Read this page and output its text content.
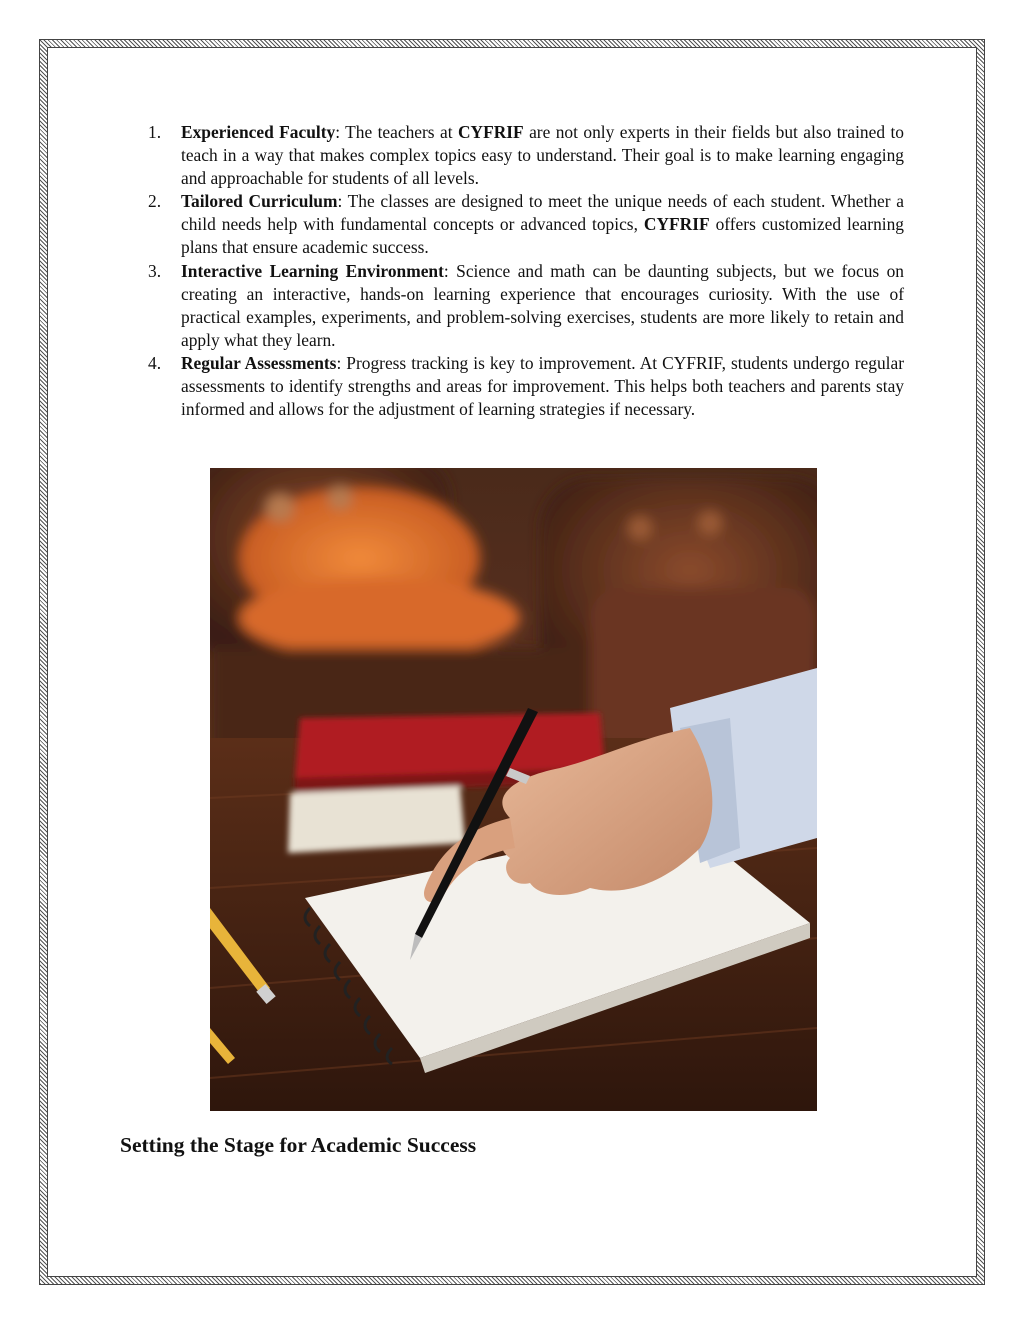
1.	Experienced Faculty: The teachers at CYFRIF are not only experts in their fields but also trained to teach in a way that makes complex topics easy to understand. Their goal is to make learning engaging and approachable for students of all levels.
2.	Tailored Curriculum: The classes are designed to meet the unique needs of each student. Whether a child needs help with fundamental concepts or advanced topics, CYFRIF offers customized learning plans that ensure academic success.
3.	Interactive Learning Environment: Science and math can be daunting subjects, but we focus on creating an interactive, hands-on learning experience that encourages curiosity. With the use of practical examples, experiments, and problem-solving exercises, students are more likely to retain and apply what they learn.
4.	Regular Assessments: Progress tracking is key to improvement. At CYFRIF, students undergo regular assessments to identify strengths and areas for improvement. This helps both teachers and parents stay informed and allows for the adjustment of learning strategies if necessary.
Setting the Stage for Academic Success
